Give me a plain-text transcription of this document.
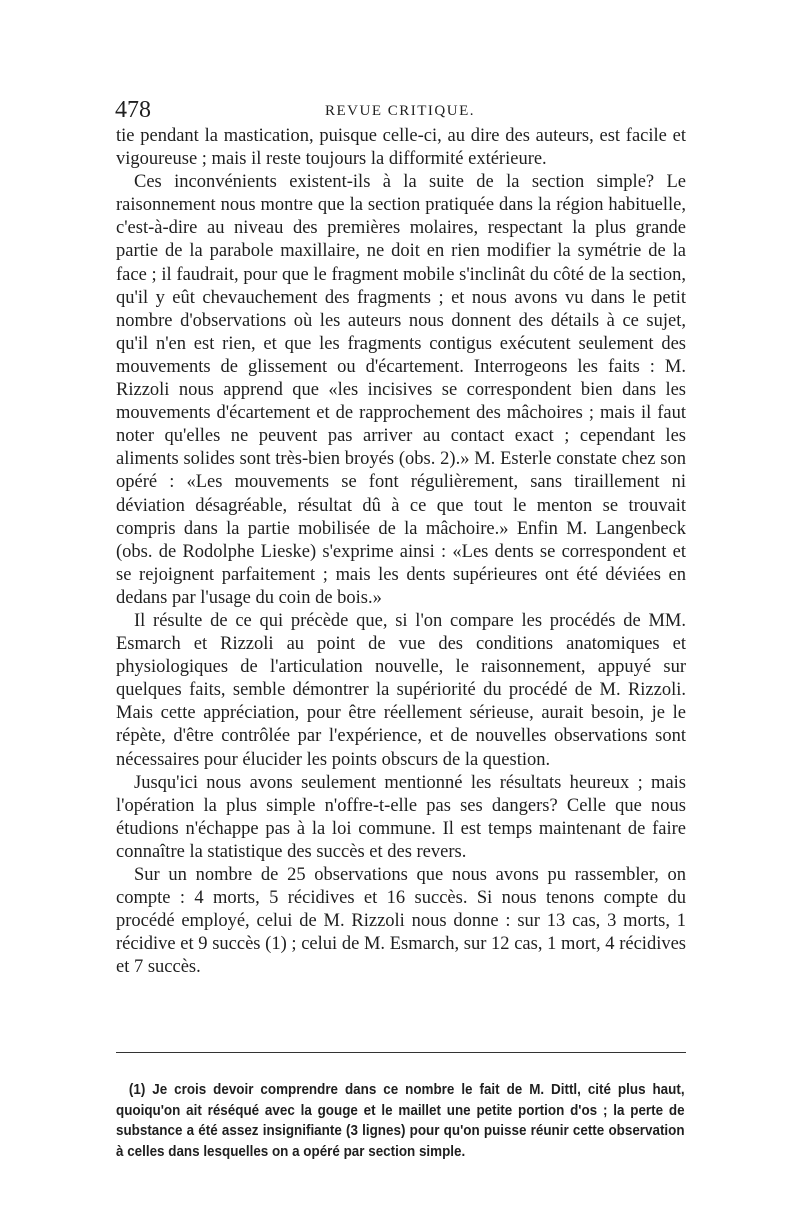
478	REVUE CRITIQUE.

tie pendant la mastication, puisque celle-ci, au dire des auteurs, est facile et vigoureuse ; mais il reste toujours la difformité extérieure.

Ces inconvénients existent-ils à la suite de la section simple? Le raisonnement nous montre que la section pratiquée dans la région habituelle, c'est-à-dire au niveau des premières molaires, respectant la plus grande partie de la parabole maxillaire, ne doit en rien modifier la symétrie de la face ; il faudrait, pour que le fragment mobile s'inclinât du côté de la section, qu'il y eût chevauchement des fragments ; et nous avons vu dans le petit nombre d'observations où les auteurs nous donnent des détails à ce sujet, qu'il n'en est rien, et que les fragments contigus exécutent seulement des mouvements de glissement ou d'écartement. Interrogeons les faits : M. Rizzoli nous apprend que «les incisives se correspondent bien dans les mouvements d'écartement et de rapprochement des mâchoires ; mais il faut noter qu'elles ne peuvent pas arriver au contact exact ; cependant les aliments solides sont très-bien broyés (obs. 2).» M. Esterle constate chez son opéré : «Les mouvements se font régulièrement, sans tiraillement ni déviation désagréable, résultat dû à ce que tout le menton se trouvait compris dans la partie mobilisée de la mâchoire.» Enfin M. Langenbeck (obs. de Rodolphe Lieske) s'exprime ainsi : «Les dents se correspondent et se rejoignent parfaitement ; mais les dents supérieures ont été déviées en dedans par l'usage du coin de bois.»

Il résulte de ce qui précède que, si l'on compare les procédés de MM. Esmarch et Rizzoli au point de vue des conditions anatomiques et physiologiques de l'articulation nouvelle, le raisonnement, appuyé sur quelques faits, semble démontrer la supériorité du procédé de M. Rizzoli. Mais cette appréciation, pour être réellement sérieuse, aurait besoin, je le répète, d'être contrôlée par l'expérience, et de nouvelles observations sont nécessaires pour élucider les points obscurs de la question.

Jusqu'ici nous avons seulement mentionné les résultats heureux ; mais l'opération la plus simple n'offre-t-elle pas ses dangers? Celle que nous étudions n'échappe pas à la loi commune. Il est temps maintenant de faire connaître la statistique des succès et des revers.

Sur un nombre de 25 observations que nous avons pu rassembler, on compte : 4 morts, 5 récidives et 16 succès. Si nous tenons compte du procédé employé, celui de M. Rizzoli nous donne : sur 13 cas, 3 morts, 1 récidive et 9 succès (1) ; celui de M. Esmarch, sur 12 cas, 1 mort, 4 récidives et 7 succès.

(1) Je crois devoir comprendre dans ce nombre le fait de M. Dittl, cité plus haut, quoiqu'on ait réséqué avec la gouge et le maillet une petite portion d'os ; la perte de substance a été assez insignifiante (3 lignes) pour qu'on puisse réunir cette observation à celles dans lesquelles on a opéré par section simple.
